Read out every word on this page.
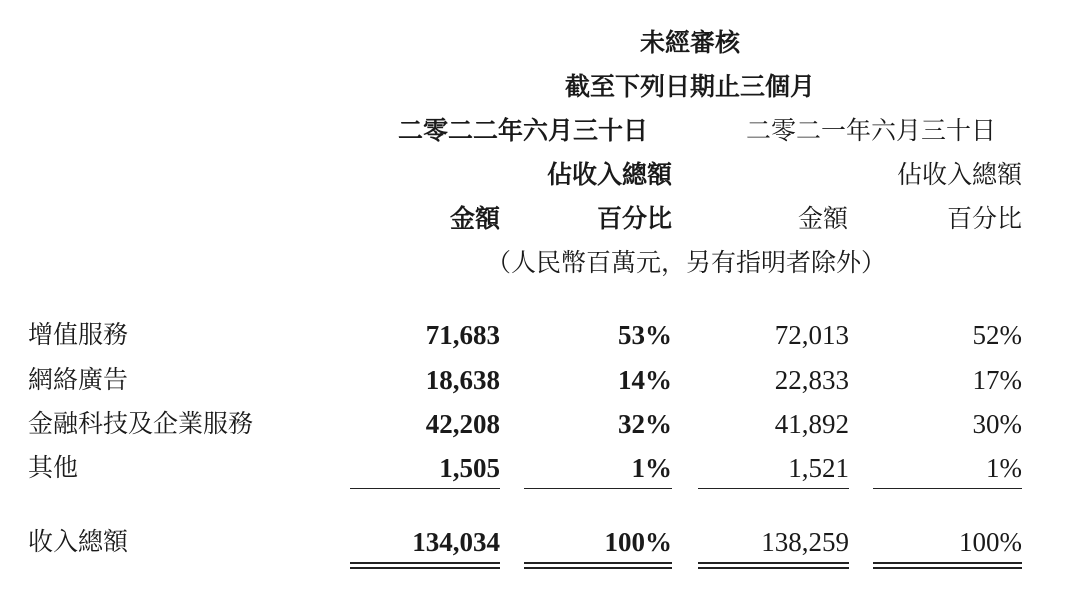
未經審核
截至下列日期止三個月
二零二二年六月三十日	二零二一年六月三十日
佔收入總額	佔收入總額
金額	百分比	金額	百分比
（人民幣百萬元，另有指明者除外）
增值服務	71,683	53%	72,013	52%
網絡廣告	18,638	14%	22,833	17%
金融科技及企業服務	42,208	32%	41,892	30%
其他	1,505	1%	1,521	1%
收入總額	134,034	100%	138,259	100%
